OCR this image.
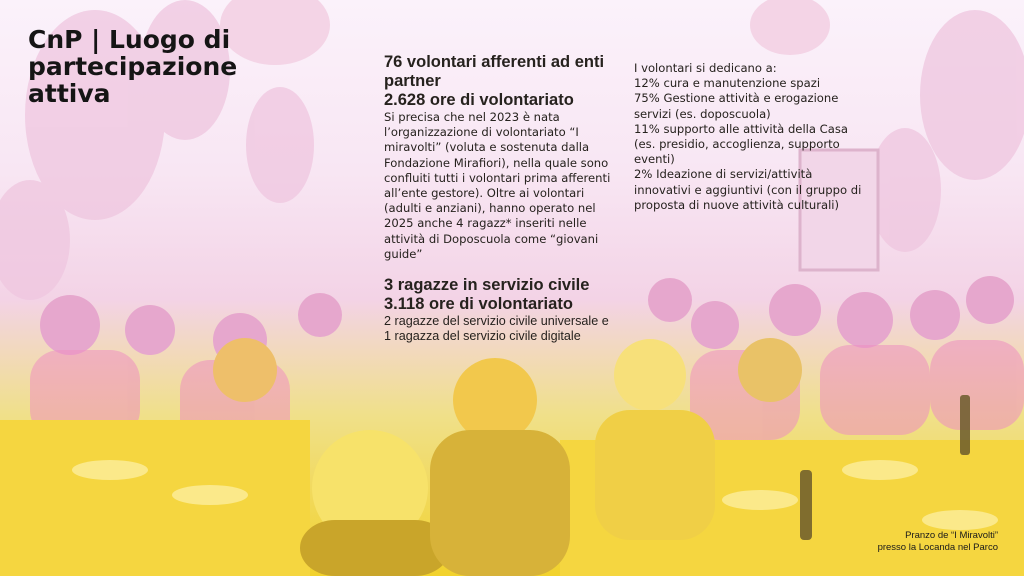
CnP | Luogo di partecipazione attiva

76 volontari afferenti ad enti partner

2.628 ore di volontariato

Si precisa che nel 2023 è nata l’organizzazione di volontariato “I miravolti” (voluta e sostenuta dalla Fondazione Mirafiori), nella quale sono confluiti tutti i volontari prima afferenti all’ente gestore). Oltre ai volontari (adulti e anziani), hanno operato nel 2025 anche 4 ragazz* inseriti nelle attività di Doposcuola come “giovani guide”

3 ragazze in servizio civile

3.118 ore di volontariato

2 ragazze del servizio civile universale e 1 ragazza del servizio civile digitale

I volontari si dedicano a:

12% cura e manutenzione spazi
75% Gestione attività e erogazione servizi (es. doposcuola)
11% supporto alle attività della Casa (es. presidio, accoglienza, supporto eventi)
2% Ideazione di servizi/attività innovativi e aggiuntivi (con il gruppo di proposta di nuove attività culturali)
Pranzo de “I Miravolti”
presso la Locanda nel Parco
